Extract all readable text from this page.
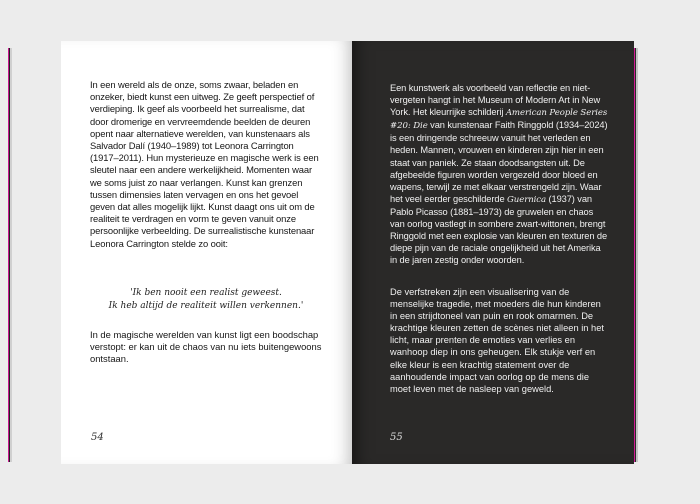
In een wereld als de onze, soms zwaar, beladen en onzeker, biedt kunst een uitweg. Ze geeft perspectief of verdieping. Ik geef als voorbeeld het surrealisme, dat door dromerige en vervreemdende beelden de deuren opent naar alternatieve werelden, van kunstenaars als Salvador Dalí (1940–1989) tot Leonora Carrington (1917–2011). Hun mysterieuze en magische werk is een sleutel naar een andere werkelijkheid. Momenten waar we soms juist zo naar verlangen. Kunst kan grenzen tussen dimensies laten vervagen en ons het gevoel geven dat alles mogelijk lijkt. Kunst daagt ons uit om de realiteit te verdragen en vorm te geven vanuit onze persoonlijke verbeelding. De surrealistische kunstenaar Leonora Carrington stelde zo ooit:

'Ik ben nooit een realist geweest.
Ik heb altijd de realiteit willen verkennen.'

In de magische werelden van kunst ligt een boodschap verstopt: er kan uit de chaos van nu iets buitengewoons ontstaan.

54

Een kunstwerk als voorbeeld van reflectie en niet-vergeten hangt in het Museum of Modern Art in New York. Het kleurrijke schilderij American People Series #20: Die van kunstenaar Faith Ringgold (1934–2024) is een dringende schreeuw vanuit het verleden en heden. Mannen, vrouwen en kinderen zijn hier in een staat van paniek. Ze staan doodsangsten uit. De afgebeelde figuren worden vergezeld door bloed en wapens, terwijl ze met elkaar verstrengeld zijn. Waar het veel eerder geschilderde Guernica (1937) van Pablo Picasso (1881–1973) de gruwelen en chaos van oorlog vastlegt in sombere zwart-wittonen, brengt Ringgold met een explosie van kleuren en texturen de diepe pijn van de raciale ongelijkheid uit het Amerika in de jaren zestig onder woorden.

De verfstreken zijn een visualisering van de menselijke tragedie, met moeders die hun kinderen in een strijdtoneel van puin en rook omarmen. De krachtige kleuren zetten de scènes niet alleen in het licht, maar prenten de emoties van verlies en wanhoop diep in ons geheugen. Elk stukje verf en elke kleur is een krachtig statement over de aanhoudende impact van oorlog op de mens die moet leven met de nasleep van geweld.

55
